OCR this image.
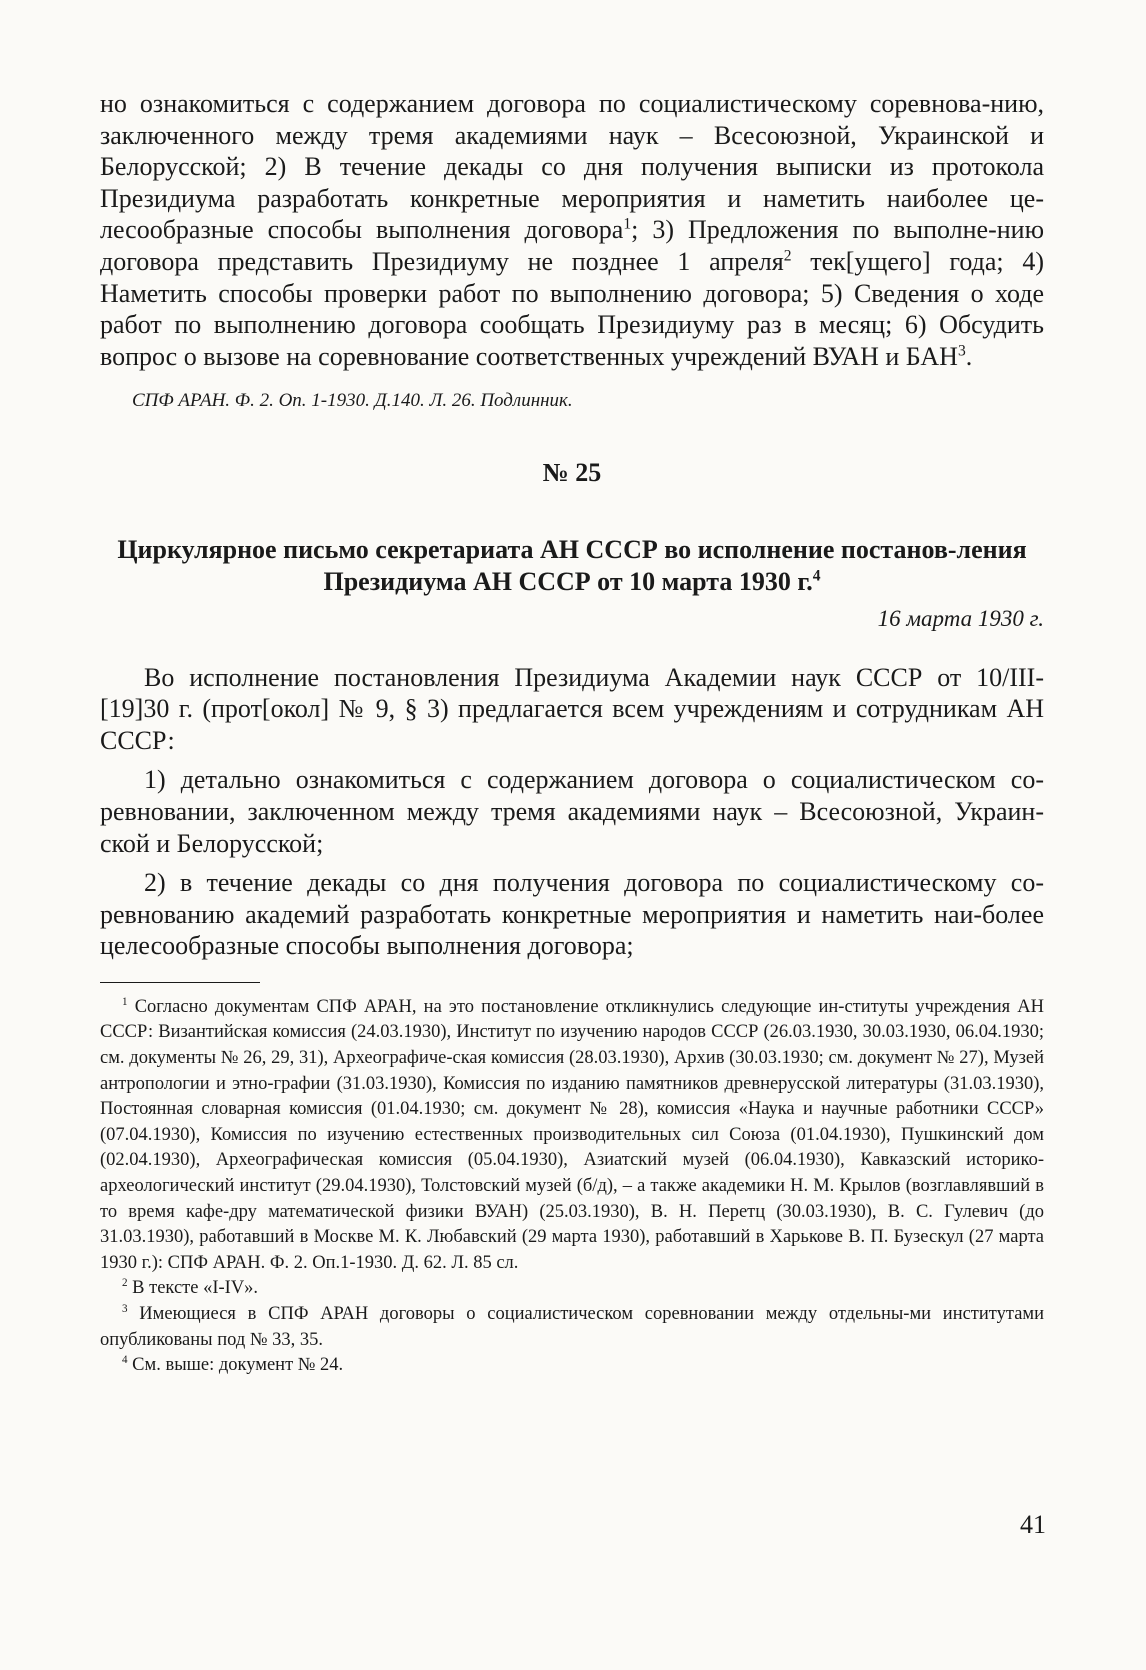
но ознакомиться с содержанием договора по социалистическому соревнова-нию, заключенного между тремя академиями наук – Всесоюзной, Украинской и Белорусской; 2) В течение декады со дня получения выписки из протокола Президиума разработать конкретные мероприятия и наметить наиболее це-лесообразные способы выполнения договора$^1$; 3) Предложения по выполне-нию договора представить Президиуму не позднее 1 апреля$^2$ тек[ущего] года; 4) Наметить способы проверки работ по выполнению договора; 5) Сведения о ходе работ по выполнению договора сообщать Президиуму раз в месяц; 6) Обсудить вопрос о вызове на соревнование соответственных учреждений ВУАН и БАН$^3$.

СПФ АРАН. Ф. 2. Оп. 1-1930. Д.140. Л. 26. Подлинник.

№ 25

Циркулярное письмо секретариата АН СССР во исполнение постанов-ления Президиума АН СССР от 10 марта 1930 г.$^4$

16 марта 1930 г.

Во исполнение постановления Президиума Академии наук СССР от 10/III-[19]30 г. (прот[окол] № 9, § 3) предлагается всем учреждениям и сотрудникам АН СССР:

1) детально ознакомиться с содержанием договора о социалистическом со-ревновании, заключенном между тремя академиями наук – Всесоюзной, Украин-ской и Белорусской;

2) в течение декады со дня получения договора по социалистическому со-ревнованию академий разработать конкретные мероприятия и наметить наи-более целесообразные способы выполнения договора;

$^1$ Согласно документам СПФ АРАН, на это постановление откликнулись следующие ин-ституты учреждения АН СССР: Византийская комиссия (24.03.1930), Институт по изучению народов СССР (26.03.1930, 30.03.1930, 06.04.1930; см. документы № 26, 29, 31), Археографиче-ская комиссия (28.03.1930), Архив (30.03.1930; см. документ № 27), Музей антропологии и этно-графии (31.03.1930), Комиссия по изданию памятников древнерусской литературы (31.03.1930), Постоянная словарная комиссия (01.04.1930; см. документ № 28), комиссия «Наука и научные работники СССР» (07.04.1930), Комиссия по изучению естественных производительных сил Союза (01.04.1930), Пушкинский дом (02.04.1930), Археографическая комиссия (05.04.1930), Азиатский музей (06.04.1930), Кавказский историко-археологический институт (29.04.1930), Толстовский музей (б/д), – а также академики Н. М. Крылов (возглавлявший в то время кафе-дру математической физики ВУАН) (25.03.1930), В. Н. Перетц (30.03.1930), В. С. Гулевич (до 31.03.1930), работавший в Москве М. К. Любавский (29 марта 1930), работавший в Харькове В. П. Бузескул (27 марта 1930 г.): СПФ АРАН. Ф. 2. Оп.1-1930. Д. 62. Л. 85 сл.

$^2$ В тексте «I-IV».

$^3$ Имеющиеся в СПФ АРАН договоры о социалистическом соревновании между отдельны-ми институтами опубликованы под № 33, 35.

$^4$ См. выше: документ № 24.

41
